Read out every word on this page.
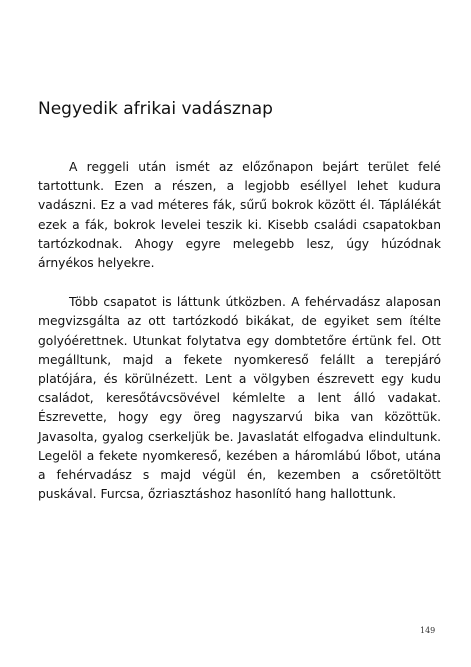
Negyedik afrikai vadásznap

A reggeli után ismét az előzőnapon bejárt terület felé tartottunk. Ezen a részen, a legjobb eséllyel lehet kudura vadászni. Ez a vad méteres fák, sűrű bokrok között él. Táplálékát ezek a fák, bokrok levelei teszik ki. Kisebb családi csapatokban tartózkodnak. Ahogy egyre melegebb lesz, úgy húzódnak árnyékos helyekre.

Több csapatot is láttunk útközben. A fehérvadász alaposan megvizsgálta az ott tartózkodó bikákat, de egyiket sem ítélte golyóérettnek. Utunkat folytatva egy dombtetőre értünk fel. Ott megálltunk, majd a fekete nyomkereső felállt a terepjáró platójára, és körülnézett. Lent a völgyben észrevett egy kudu családot, keresőtávcsövével kémlelte a lent álló vadakat. Észrevette, hogy egy öreg nagyszarvú bika van közöttük. Javasolta, gyalog cserkeljük be. Javaslatát elfogadva elindultunk. Legelöl a fekete nyomkereső, kezében a háromlábú lőbot, utána a fehérvadász s majd végül én, kezemben a csőretöltött puskával. Furcsa, őzriasztáshoz hasonlító hang hallottunk.

149
